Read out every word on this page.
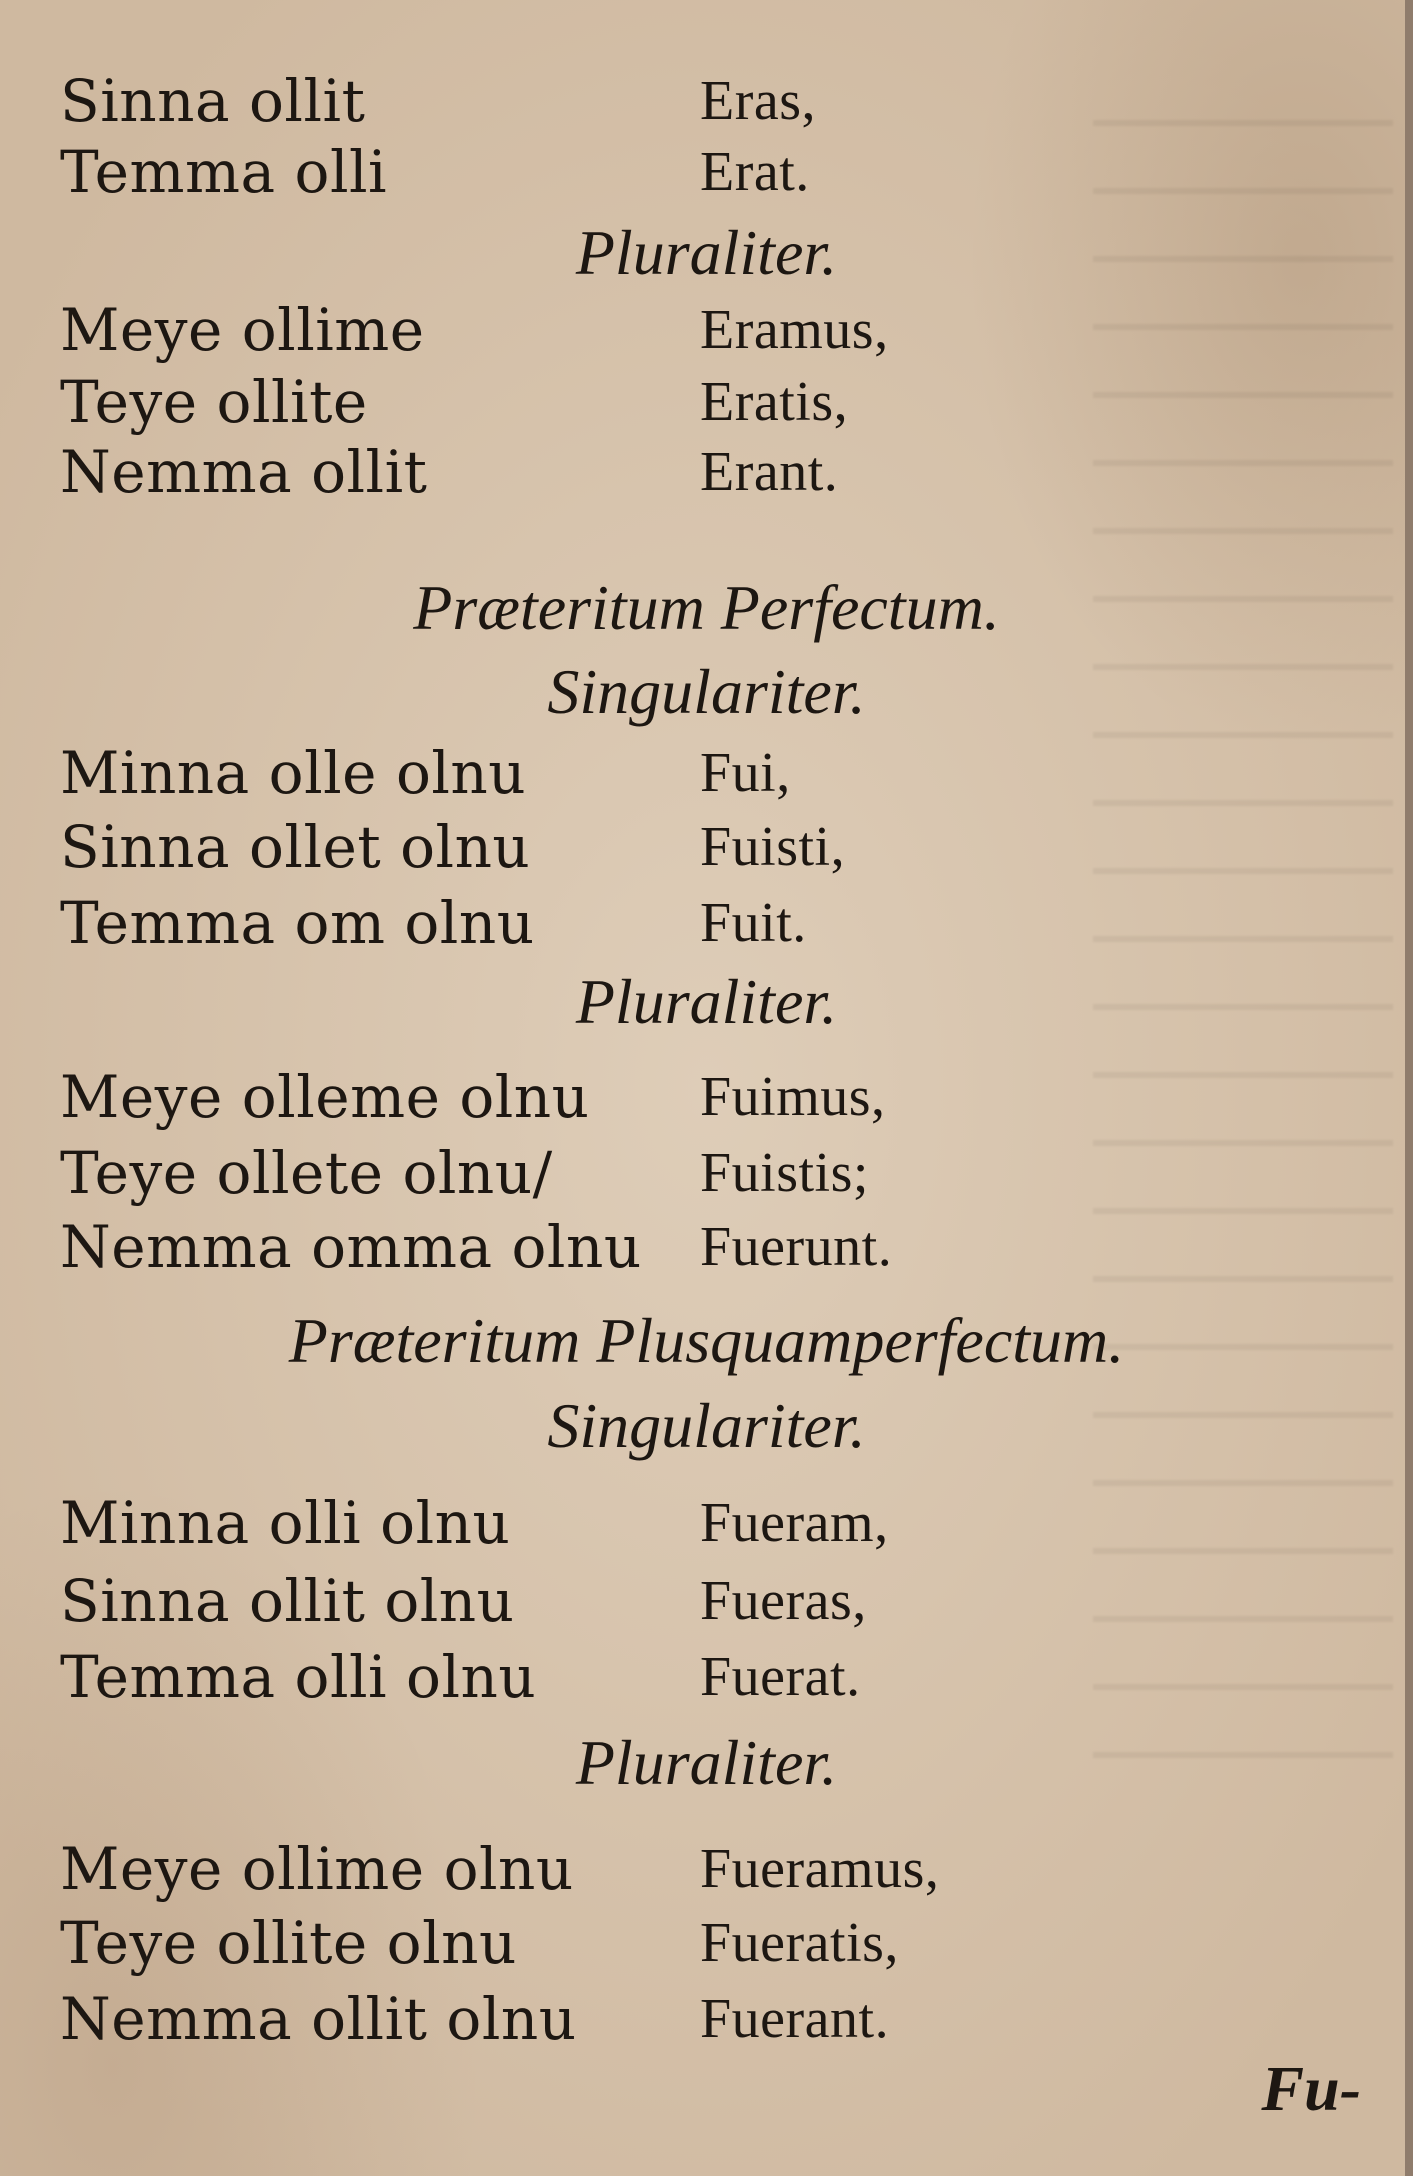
Sinna ollit	Eras,
Temma olli	Erat.
Pluraliter.
Meye ollime	Eramus,
Teye ollite	Eratis,
Nemma ollit	Erant.
Præteritum Perfectum.
Singulariter.
Minna olle olnu	Fui,
Sinna ollet olnu	Fuisti,
Temma om olnu	Fuit.
Pluraliter.
Meye olleme olnu Fuimus,
Teye ollete olnu/	Fuistis;
Nemma omma olnu Fuerunt.
Præteritum Plusquamperfectum.
Singulariter.
Minna olli olnu	Fueram,
Sinna ollit olnu	Fueras,
Temma olli olnu	Fuerat.
Pluraliter.
Meye ollime olnu Fueramus,
Teye ollite olnu	Fueratis,
Nemma ollit olnu Fuerant.
Fu-
